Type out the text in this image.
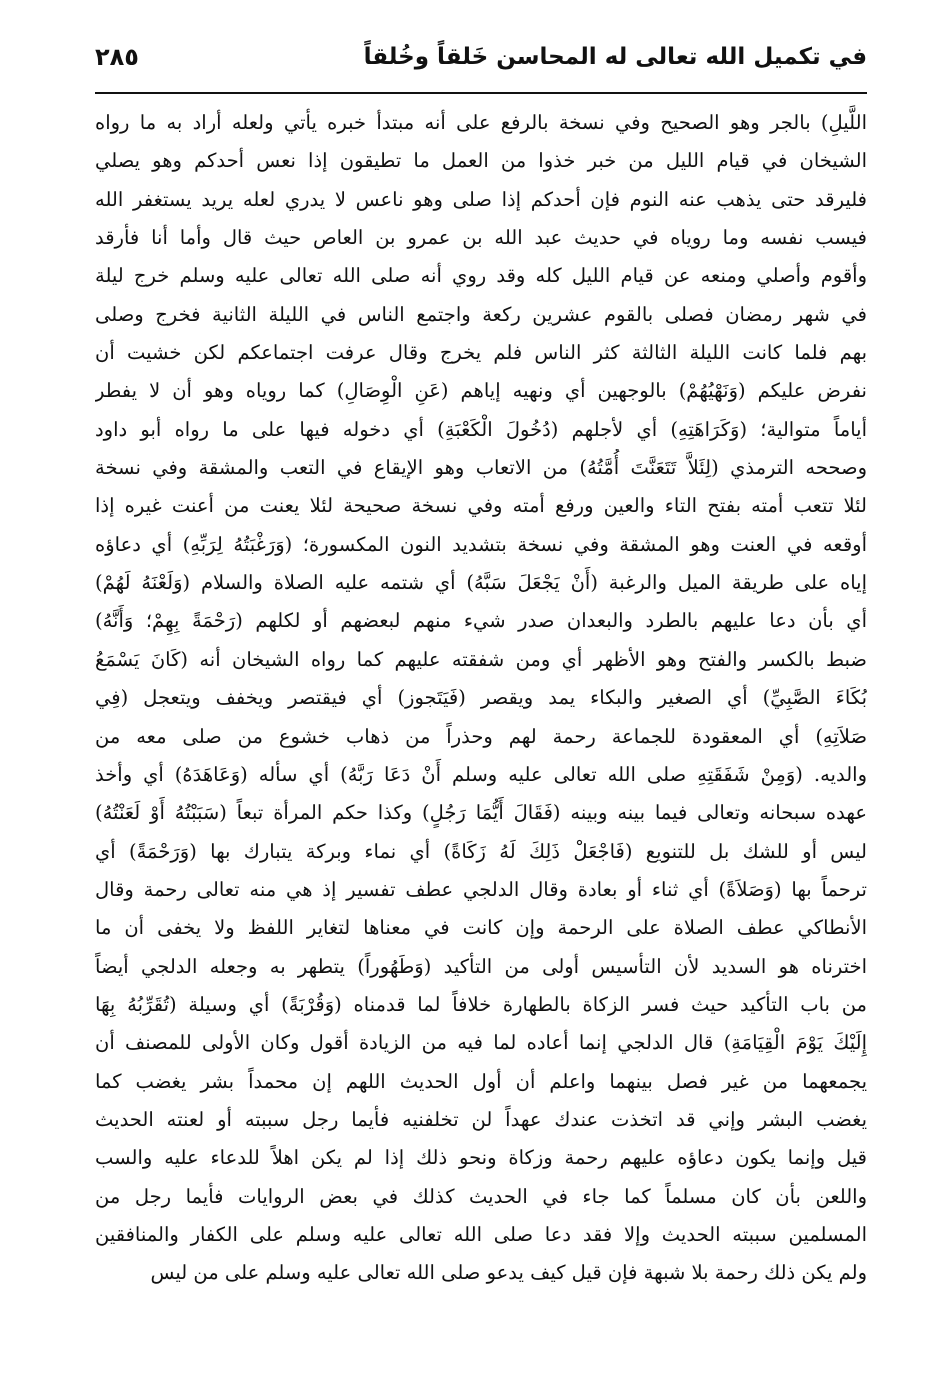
في تكميل الله تعالى له المحاسن خَلقاً وخُلقاً
٢٨٥
اللَّيلِ) بالجر وهو الصحيح وفي نسخة بالرفع على أنه مبتدأ خبره يأتي ولعله أراد به ما رواه
الشيخان في قيام الليل من خبر خذوا من العمل ما تطيقون إذا نعس أحدكم وهو يصلي
فليرقد حتى يذهب عنه النوم فإن أحدكم إذا صلى وهو ناعس لا يدري لعله يريد يستغفر الله
فيسب نفسه وما روياه في حديث عبد الله بن عمرو بن العاص حيث قال وأما أنا فأرقد
وأقوم وأصلي ومنعه عن قيام الليل كله وقد روي أنه صلى الله تعالى عليه وسلم خرج ليلة
في شهر رمضان فصلى بالقوم عشرين ركعة واجتمع الناس في الليلة الثانية فخرج وصلى
بهم فلما كانت الليلة الثالثة كثر الناس فلم يخرج وقال عرفت اجتماعكم لكن خشيت أن
نفرض عليكم (وَنَهْيُهُمْ) بالوجهين أي ونهيه إياهم (عَنِ الْوِصَالِ) كما روياه وهو أن لا يفطر
أياماً متوالية؛ (وَكَرَاهَتِهِ) أي لأجلهم (دُخُولَ الْكَعْبَةِ) أي دخوله فيها على ما رواه أبو داود
وصححه الترمذي (لِئَلاَّ تَتَعَنَّتَ أُمَّتُهُ) من الاتعاب وهو الإيقاع في التعب والمشقة وفي نسخة
لئلا تتعب أمته بفتح التاء والعين ورفع أمته وفي نسخة صحيحة لئلا يعنت من أعنت غيره إذا
أوقعه في العنت وهو المشقة وفي نسخة بتشديد النون المكسورة؛ (وَرَغْبَتُهُ لِرَبِّهِ) أي دعاؤه
إياه على طريقة الميل والرغبة (أَنْ يَجْعَلَ سَبَّهُ) أي شتمه عليه الصلاة والسلام (وَلَعْنَهُ لَهُمْ)
أي بأن دعا عليهم بالطرد والبعدان صدر شيء منهم لبعضهم أو لكلهم (رَحْمَةً بِهِمْ؛ وَأَنَّهُ)
ضبط بالكسر والفتح وهو الأظهر أي ومن شفقته عليهم كما رواه الشيخان أنه (كَانَ يَسْمَعُ
بُكَاءَ الصَّبِيِّ) أي الصغير والبكاء يمد ويقصر (فَيَتَجوز) أي فيقتصر ويخفف ويتعجل (فِي
صَلاَتِهِ) أي المعقودة للجماعة رحمة لهم وحذراً من ذهاب خشوع من صلى معه من
والديه. (وَمِنْ شَفَقَتِهِ صلى الله تعالى عليه وسلم أَنْ دَعَا رَبَّهُ) أي سأله (وَعَاهَدَهُ) أي وأخذ
عهده سبحانه وتعالى فيما بينه وبينه (فَقَالَ أَيُّمَا رَجُلٍ) وكذا حكم المرأة تبعاً (سَبَبْتُهُ أَوْ لَعَنْتُهُ)
ليس أو للشك بل للتنويع (فَاجْعَلْ ذَلِكَ لَهُ زَكَاةً) أي نماء وبركة يتبارك بها (وَرَحْمَةً) أي
ترحماً بها (وَصَلاَةً) أي ثناء أو بعادة وقال الدلجي عطف تفسير إذ هي منه تعالى رحمة وقال
الأنطاكي عطف الصلاة على الرحمة وإن كانت في معناها لتغاير اللفظ ولا يخفى أن ما
اخترناه هو السديد لأن التأسيس أولى من التأكيد (وَطَهُوراً) يتطهر به وجعله الدلجي أيضاً
من باب التأكيد حيث فسر الزكاة بالطهارة خلافاً لما قدمناه (وَقُرْبَةً) أي وسيلة (تُقَرِّبُهُ بِهَا
إِلَيْكَ يَوْمَ الْقِيَامَةِ) قال الدلجي إنما أعاده لما فيه من الزيادة أقول وكان الأولى للمصنف أن
يجمعهما من غير فصل بينهما واعلم أن أول الحديث اللهم إن محمداً بشر يغضب كما
يغضب البشر وإني قد اتخذت عندك عهداً لن تخلفنيه فأيما رجل سببته أو لعنته الحديث
قيل وإنما يكون دعاؤه عليهم رحمة وزكاة ونحو ذلك إذا لم يكن اهلاً للدعاء عليه والسب
واللعن بأن كان مسلماً كما جاء في الحديث كذلك في بعض الروايات فأيما رجل من
المسلمين سببته الحديث وإلا فقد دعا صلى الله تعالى عليه وسلم على الكفار والمنافقين
ولم يكن ذلك رحمة بلا شبهة فإن قيل كيف يدعو صلى الله تعالى عليه وسلم على من ليس
